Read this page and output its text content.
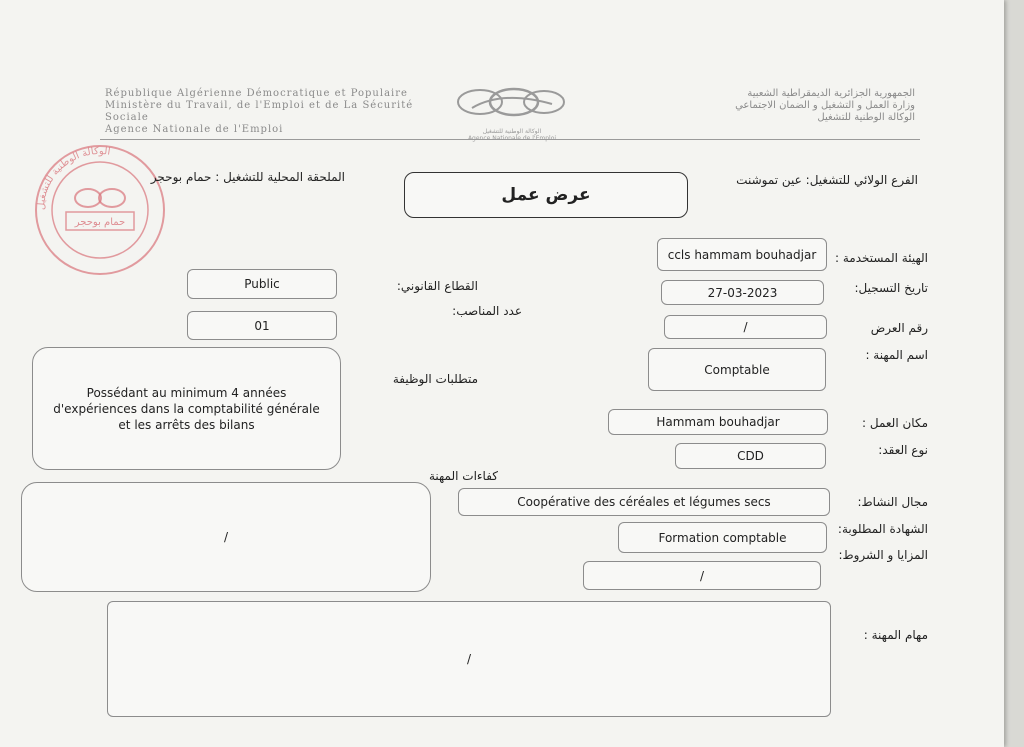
République Algérienne Démocratique et Populaire
Ministère du Travail, de l'Emploi et de La Sécurité Sociale
Agence Nationale de l'Emploi	الوكالة الوطنية للتشغيل
الجمهورية الجزائرية الديمقراطية الشعبية
وزارة العمل و التشغيل و الضمان الاجتماعي
الوكالة الوطنية للتشغيل
الوكالة الوطنية للتشغيل
حمام بوحجر
الملحقة المحلية للتشغيل : حمام بوحجر	الفرع الولائي للتشغيل: عين تموشنت
عرض عمل
الهيئة المستخدمة :
تاريخ التسجيل:
رقم العرض
اسم المهنة :
مكان العمل :
نوع العقد:
مجال النشاط:
الشهادة المطلوبة:
المزايا و الشروط:
مهام المهنة :
ccls hammam bouhadjar
27-03-2023
/
Comptable
Hammam bouhadjar
CDD
Coopérative des céréales et légumes secs
Formation comptable
/
/
القطاع القانوني:
عدد المناصب:
متطلبات الوظيفة
كفاءات المهنة
Public
01
Possédant au minimum 4 années d'expériences dans la comptabilité générale et les arrêts des bilans
/
